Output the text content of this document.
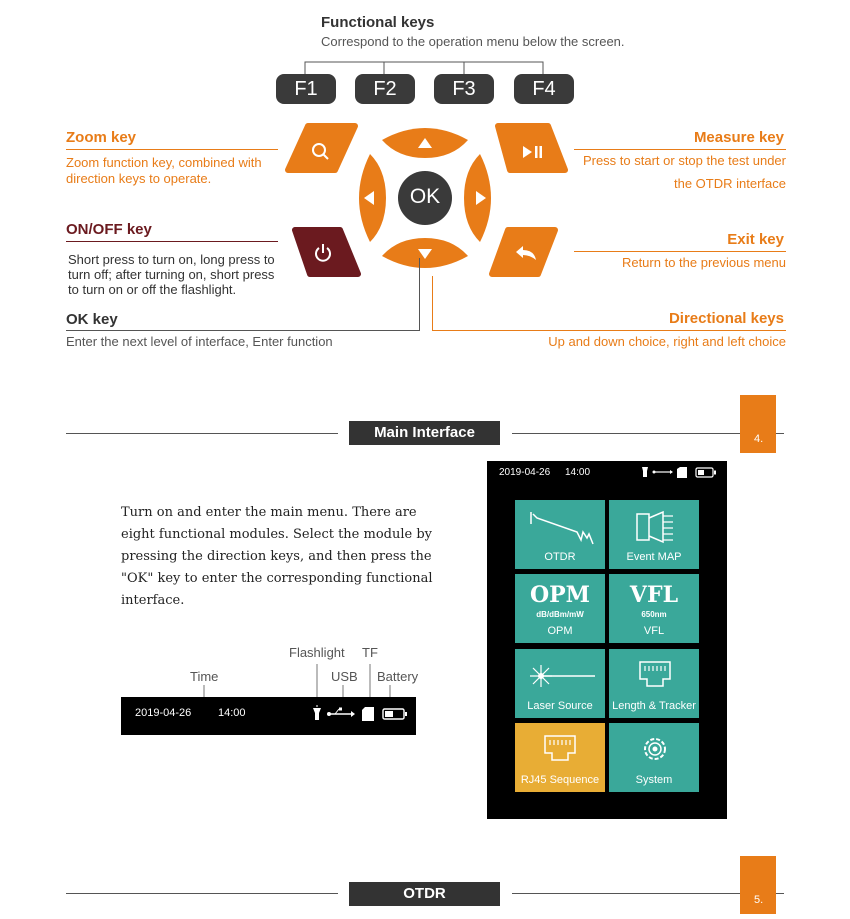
Functional keys
Correspond to the operation menu below the screen.
F1	F2	F3	F4
OK
Zoom key
Zoom function key, combined with
direction keys to operate.
ON/OFF key
Short press to turn on, long press to
turn off; after turning on, short press
to turn on or off the flashlight.
OK key
Enter the next level of interface, Enter function
Measure key
Press to start or stop the test under
the OTDR interface
Exit key
Return to the previous menu
Directional keys
Up and down choice, right and left choice
Main Interface	4.
Turn on and enter the main menu. There are
eight functional modules. Select the module by
pressing the direction keys, and then press the
"OK" key to enter the corresponding functional
interface.
Time
Flashlight
USB
TF
Battery
2019-04-26 14:00
2019-04-26 14:00
OTDR	Event MAP
OPM
dB/dBm/mW
OPM
VFL
650nm
VFL
Laser Source	Length & Tracker
RJ45 Sequence	System
OTDR	5.
